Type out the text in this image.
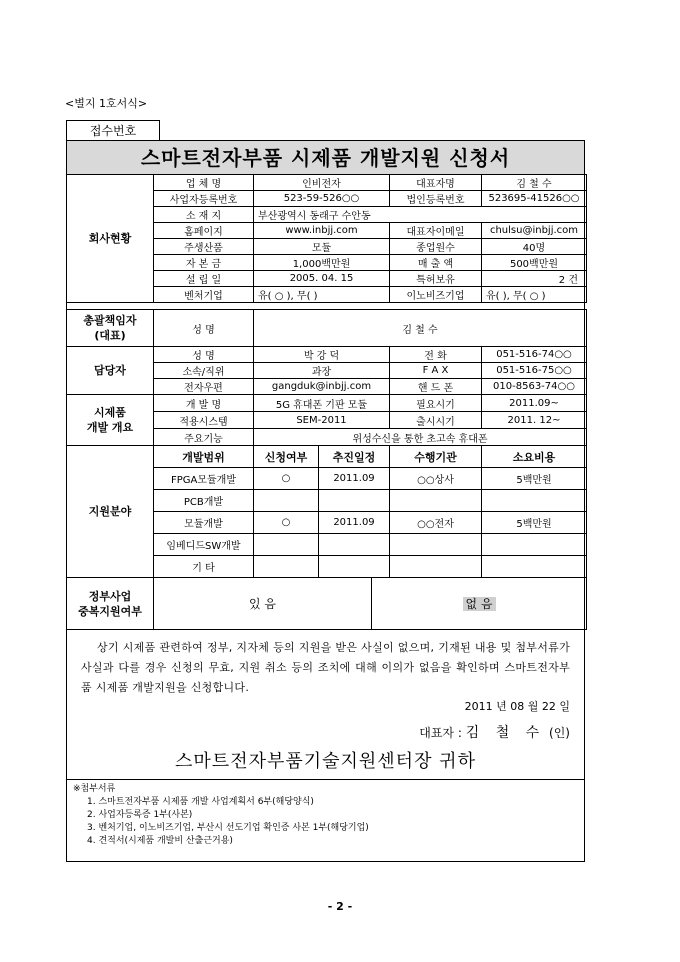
<별지 1호서식>
접수번호
스마트전자부품 시제품 개발지원 신청서
회사현황	업 체 명	인비전자	대표자명	김 철 수
	사업자등록번호	523-59-526○○	법인등록번호	523695-41526○○
	소 재 지	부산광역시 동래구 수안동		
	홈페이지	www.inbjj.com	대표자이메일	chulsu@inbjj.com
	주생산품	모듈	종업원수	40명
	자 본 금	1,000백만원	매 출 액	500백만원
	설 립 일	2005. 04. 15	특허보유	2 건
	벤처기업	유( ○ ), 무( )	이노비즈기업	유( ), 무( ○ )
총괄책임자
(대표)	성 명	김 철 수
담당자	성 명	박 강 덕	전 화	051-516-74○○
	소속/직위	과장	F A X	051-516-75○○
	전자우편	gangduk@inbjj.com	핸 드 폰	010-8563-74○○
시제품
개발 개요	개 발 명	5G 휴대폰 기판 모듈	필요시기	2011.09~
	적용시스템	SEM-2011	출시시기	2011. 12~
	주요기능	위성수신을 통한 초고속 휴대폰		
지원분야	개발범위	신청여부	추진일정	수행기관	소요비용
	FPGA모듈개발	○	2011.09	○○상사	5백만원
	PCB개발				
	모듈개발	○	2011.09	○○전자	5백만원
	임베디드SW개발				
	기 타				
정부사업
중복지원여부	있 음	없 음
상기 시제품 관련하여 정부, 지자체 등의 지원을 받은 사실이 없으며, 기재된 내용 및 첨부서류가 사실과 다를 경우 신청의 무효, 지원 취소 등의 조치에 대해 이의가 없음을 확인하며 스마트전자부품 시제품 개발지원을 신청합니다.
2011 년 08 월 22 일
대표자 : 김 철 수 (인)
스마트전자부품기술지원센터장 귀하
※첨부서류
1. 스마트전자부품 시제품 개발 사업계획서 6부(해당양식)
2. 사업자등록증 1부(사본)
3. 벤처기업, 이노비즈기업, 부산시 선도기업 확인증 사본 1부(해당기업)
4. 견적서(시제품 개발비 산출근거용)
- 2 -
